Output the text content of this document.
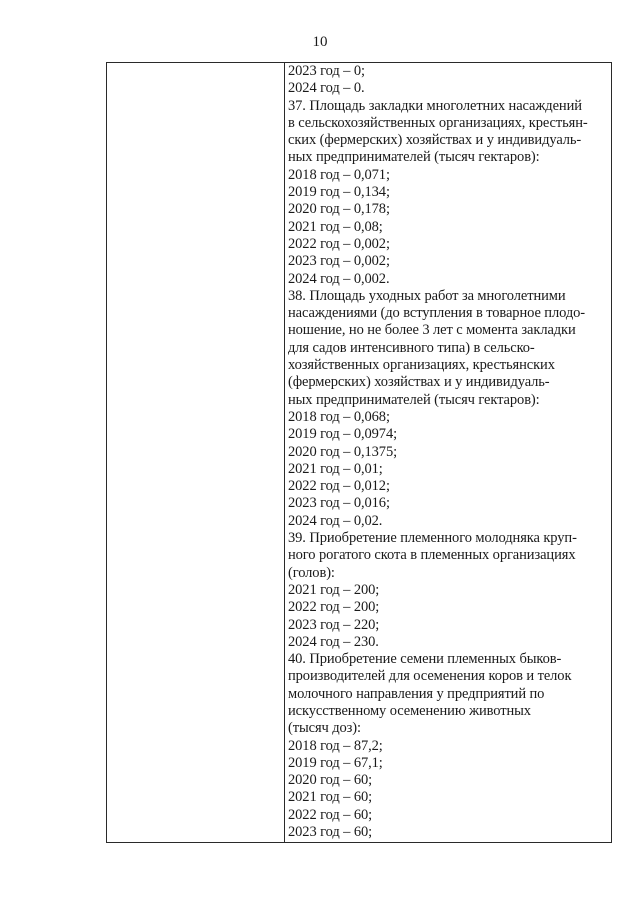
10
2023 год – 0;
2024 год – 0.
37. Площадь закладки многолетних насаждений
в сельскохозяйственных организациях, крестьян-
ских (фермерских) хозяйствах и у индивидуаль-
ных предпринимателей (тысяч гектаров):
2018 год – 0,071;
2019 год – 0,134;
2020 год – 0,178;
2021 год – 0,08;
2022 год – 0,002;
2023 год – 0,002;
2024 год – 0,002.
38. Площадь уходных работ за многолетними
насаждениями (до вступления в товарное плодо-
ношение, но не более 3 лет с момента закладки
для садов интенсивного типа) в сельско-
хозяйственных организациях, крестьянских
(фермерских) хозяйствах и у индивидуаль-
ных предпринимателей (тысяч гектаров):
2018 год – 0,068;
2019 год – 0,0974;
2020 год – 0,1375;
2021 год – 0,01;
2022 год – 0,012;
2023 год – 0,016;
2024 год – 0,02.
39. Приобретение племенного молодняка круп-
ного рогатого скота в племенных организациях
(голов):
2021 год – 200;
2022 год – 200;
2023 год – 220;
2024 год – 230.
40. Приобретение семени племенных быков-
производителей для осеменения коров и телок
молочного направления у предприятий по
искусственному осеменению животных
(тысяч доз):
2018 год – 87,2;
2019 год – 67,1;
2020 год – 60;
2021 год – 60;
2022 год – 60;
2023 год – 60;
